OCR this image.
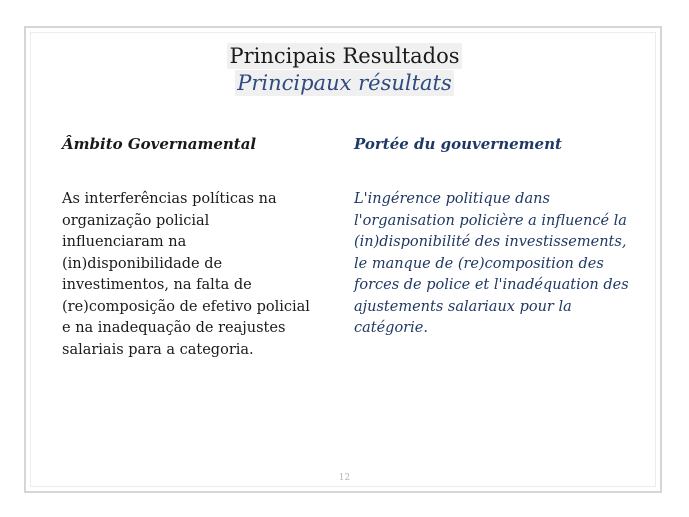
Principais Resultados
Principaux résultats
Âmbito Governamental
As interferências políticas na organização policial influenciaram na (in)disponibilidade de investimentos, na falta de (re)composição de efetivo policial e na inadequação de reajustes salariais para a categoria.
Portée du gouvernement
L'ingérence politique dans l'organisation policière a influencé la (in)disponibilité des investissements, le manque de (re)composition des forces de police et l'inadéquation des ajustements salariaux pour la catégorie.
12
